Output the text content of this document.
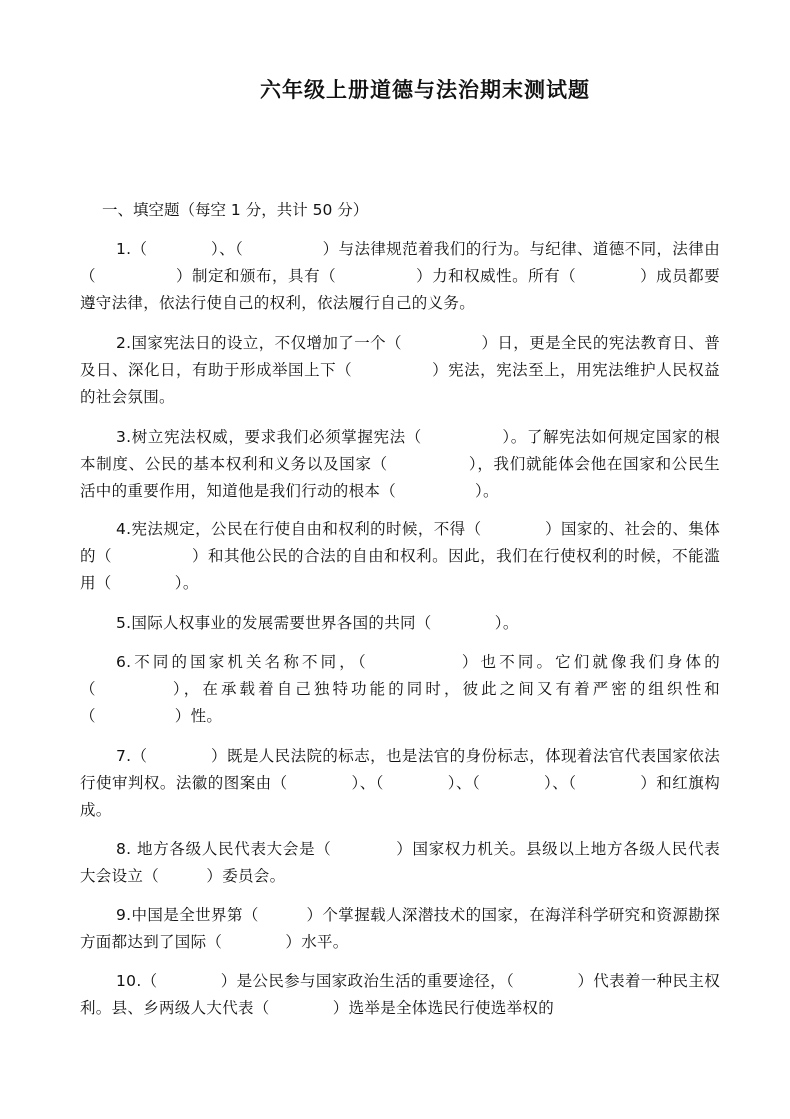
六年级上册道德与法治期末测试题
一、填空题（每空 1 分，共计 50 分）

1.（　　　　）、（　　　　　）与法律规范着我们的行为。与纪律、道德不同，法律由（　　　　　）制定和颁布，具有（　　　　　）力和权威性。所有（　　　　）成员都要遵守法律，依法行使自己的权利，依法履行自己的义务。

2.国家宪法日的设立，不仅增加了一个（　　　　　）日，更是全民的宪法教育日、普及日、深化日，有助于形成举国上下（　　　　　）宪法，宪法至上，用宪法维护人民权益的社会氛围。

3.树立宪法权威，要求我们必须掌握宪法（　　　　　）。了解宪法如何规定国家的根本制度、公民的基本权利和义务以及国家（　　　　　），我们就能体会他在国家和公民生活中的重要作用，知道他是我们行动的根本（　　　　　）。

4.宪法规定，公民在行使自由和权利的时候，不得（　　　　）国家的、社会的、集体的（　　　　　）和其他公民的合法的自由和权利。因此，我们在行使权利的时候，不能滥用（　　　　）。

5.国际人权事业的发展需要世界各国的共同（　　　　）。

6.不同的国家机关名称不同，（　　　　　）也不同。它们就像我们身体的（　　　　），在承载着自己独特功能的同时，彼此之间又有着严密的组织性和（　　　　　）性。

7.（　　　　）既是人民法院的标志，也是法官的身份标志，体现着法官代表国家依法行使审判权。法徽的图案由（　　　　）、（　　　　）、（　　　　）、（　　　　）和红旗构成。

8. 地方各级人民代表大会是（　　　　）国家权力机关。县级以上地方各级人民代表大会设立（　　　）委员会。

9.中国是全世界第（　　　）个掌握载人深潜技术的国家，在海洋科学研究和资源勘探方面都达到了国际（　　　　）水平。

10.（　　　　）是公民参与国家政治生活的重要途径，（　　　　）代表着一种民主权利。县、乡两级人大代表（　　　　）选举是全体选民行使选举权的
